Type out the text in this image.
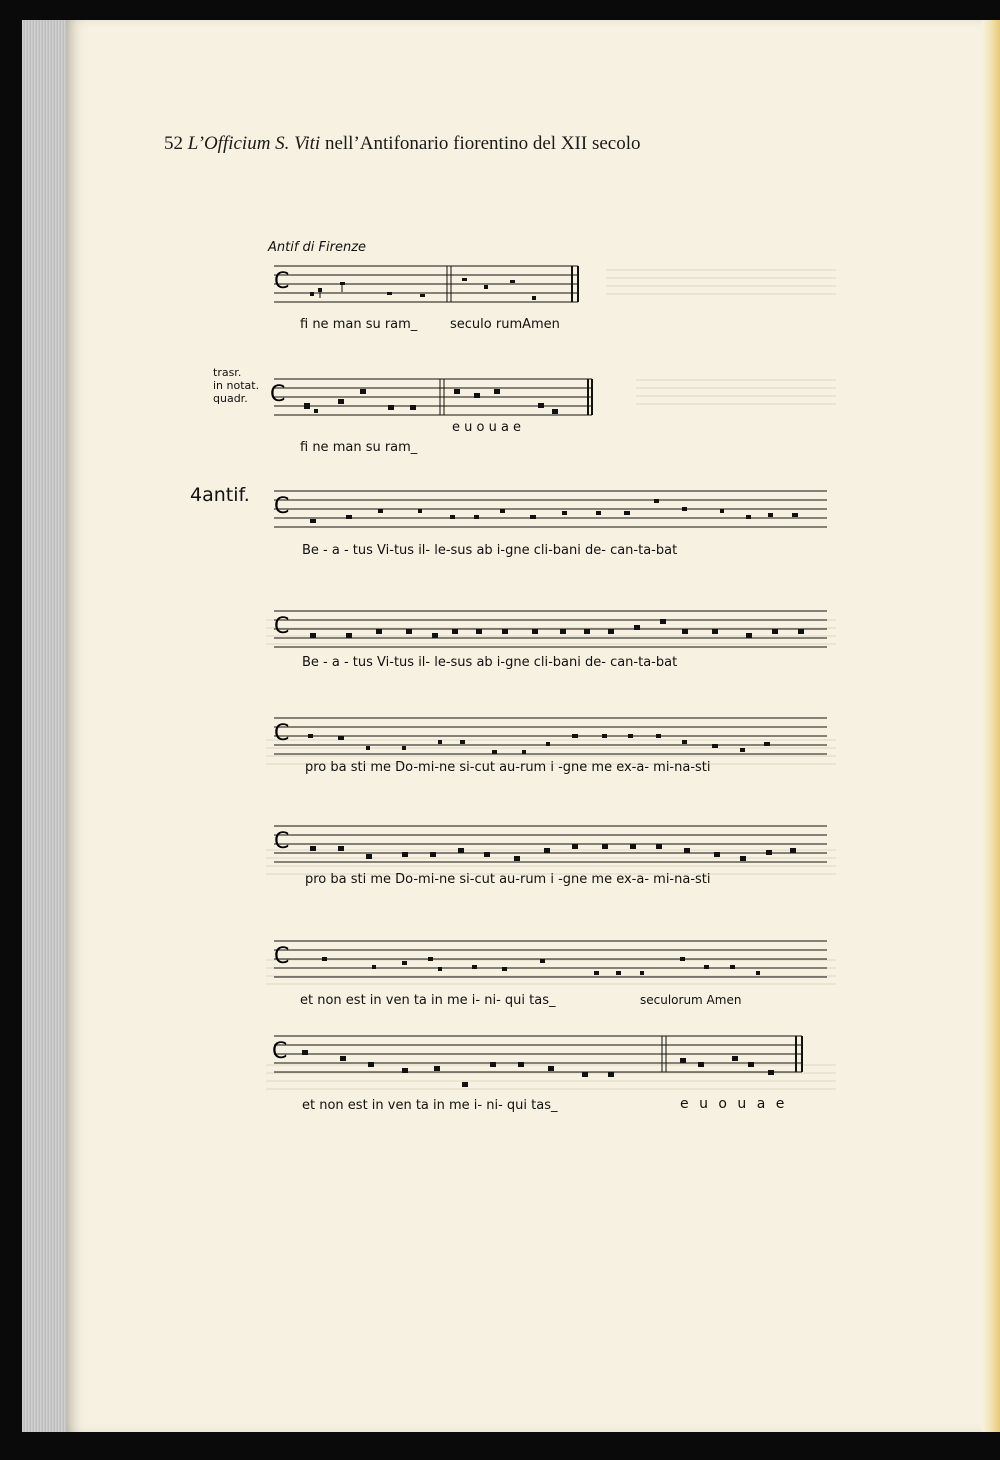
52 L’Officium S. Viti nell’Antifonario fiorentino del XII secolo
Antif di Firenze
trasr.
in notat.
quadr.
4antif.
C
fi ne man su ram_	seculo rumAmen
C
fi ne man su ram_
e u o u a e
C
Be - a - tus Vi-tus il- le-sus ab i-gne cli-bani de- can-ta-bat
C
Be - a - tus Vi-tus il- le-sus ab i-gne cli-bani de- can-ta-bat
C
pro ba sti me Do-mi-ne si-cut au-rum i -gne me ex-a- mi-na-sti
C
pro ba sti me Do-mi-ne si-cut au-rum i -gne me ex-a- mi-na-sti
C
et non est in ven ta in me i- ni- qui tas_	seculorum Amen
C
et non est in ven ta in me i- ni- qui tas_	e u o u a e
